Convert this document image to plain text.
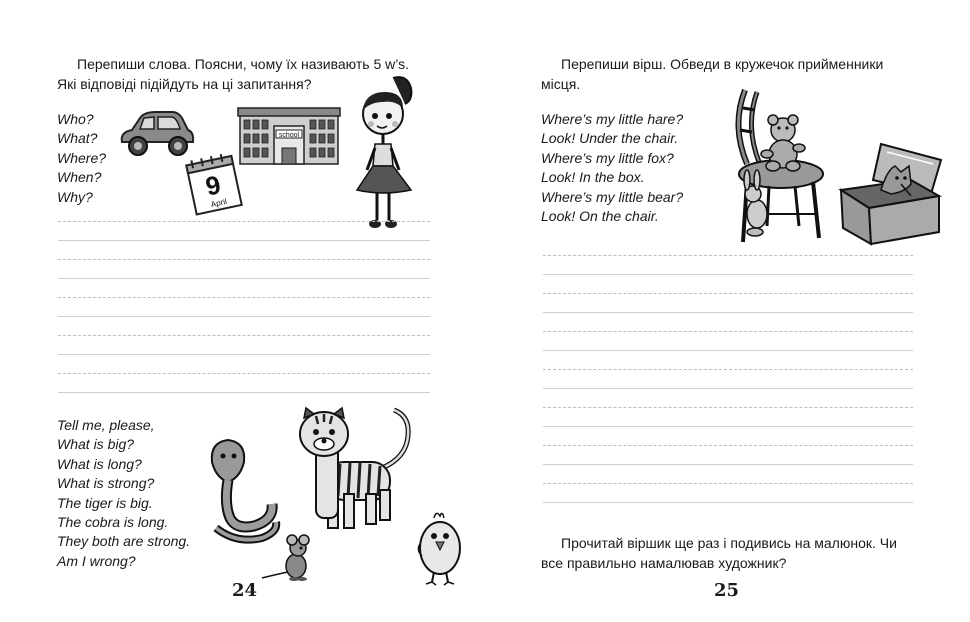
Перепиши слова. Поясни, чому їх називають 5 w’s.
Які відповіді підійдуть на ці запитання?

Who?
What?
Where?
When?
Why?	9
April
school
Tell me, please,
What is big?
What is long?
What is strong?
The tiger is big.
The cobra is long.
They both are strong.
Am I wrong?
24

Перепиши вірш. Обведи в кружечок прийменники
місця.

Where’s my little hare?
Look! Under the chair.
Where’s my little fox?
Look! In the box.
Where’s my little bear?
Look! On the chair.

Прочитай віршик ще раз і подивись на малюнок. Чи
все правильно намалював художник?

25
